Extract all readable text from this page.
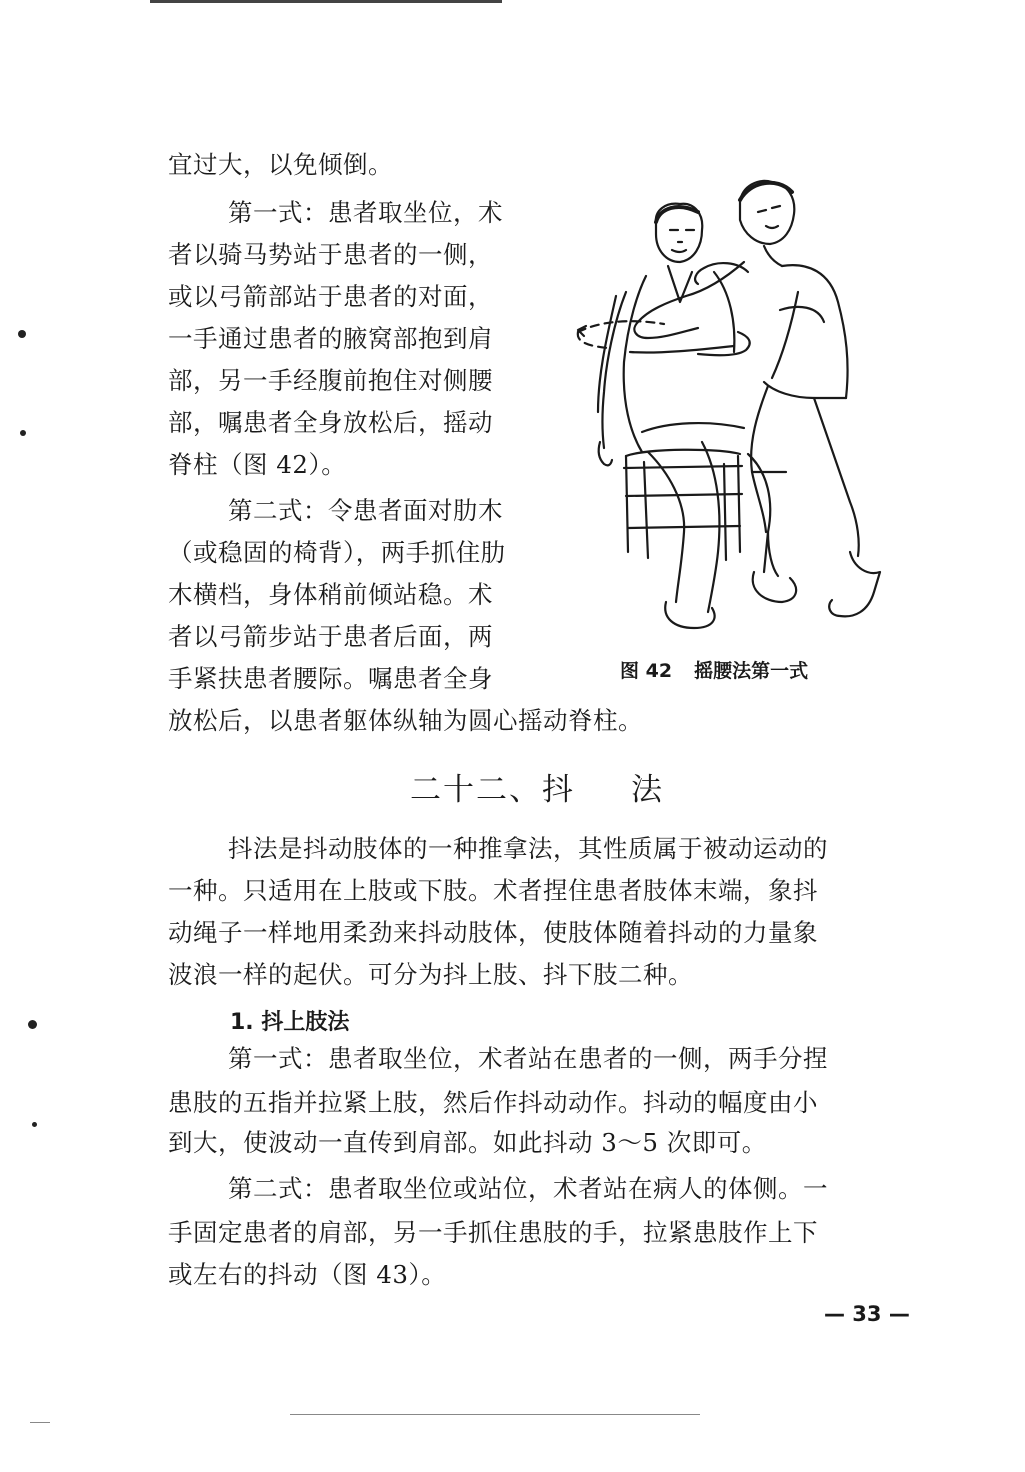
宜过大，以免倾倒。
第一式：患者取坐位，术
者以骑马势站于患者的一侧，
或以弓箭部站于患者的对面，
一手通过患者的腋窝部抱到肩
部，另一手经腹前抱住对侧腰
部，嘱患者全身放松后，摇动
脊柱（图 42）。
第二式：令患者面对肋木
（或稳固的椅背），两手抓住肋
木横档，身体稍前倾站稳。术
者以弓箭步站于患者后面，两
手紧扶患者腰际。嘱患者全身
放松后，以患者躯体纵轴为圆心摇动脊柱。
图 42 摇腰法第一式
二十二、抖 法
抖法是抖动肢体的一种推拿法，其性质属于被动运动的
一种。只适用在上肢或下肢。术者捏住患者肢体末端，象抖
动绳子一样地用柔劲来抖动肢体，使肢体随着抖动的力量象
波浪一样的起伏。可分为抖上肢、抖下肢二种。
1. 抖上肢法
第一式：患者取坐位，术者站在患者的一侧，两手分捏
患肢的五指并拉紧上肢，然后作抖动动作。抖动的幅度由小
到大，使波动一直传到肩部。如此抖动 3～5 次即可。
第二式：患者取坐位或站位，术者站在病人的体侧。一
手固定患者的肩部，另一手抓住患肢的手，拉紧患肢作上下
或左右的抖动（图 43）。
— 33 —
